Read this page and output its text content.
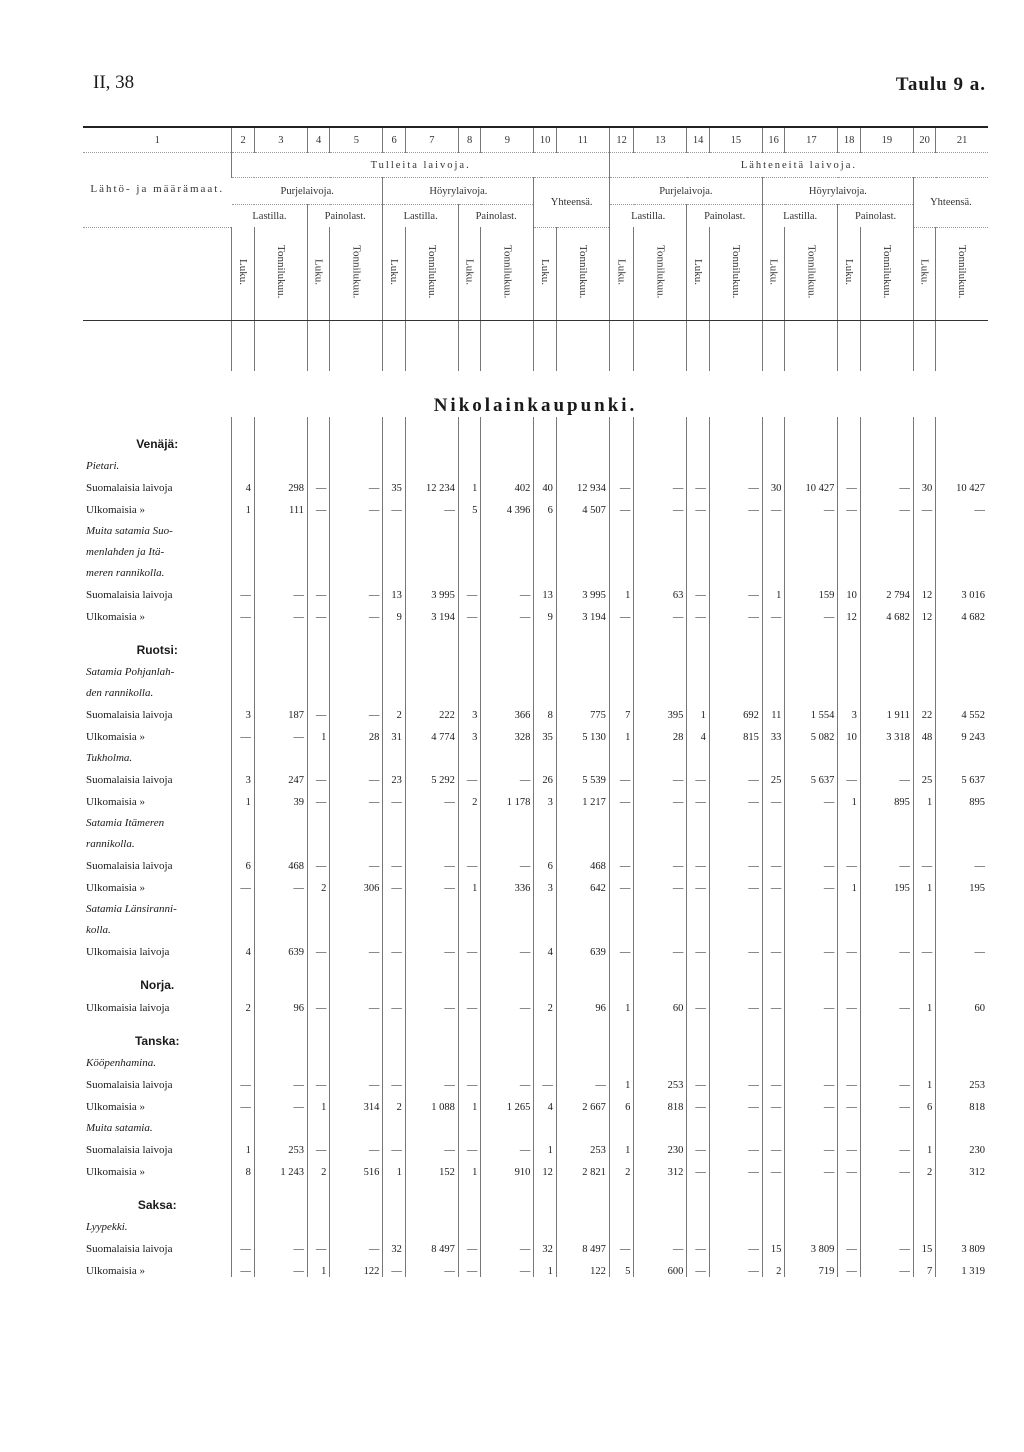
II, 38	Taulu 9 a.
1	2	3	4	5	6	7	8	9	10	11	12	13	14	15	16	17	18	19	20	21
Lähtö- ja määrämaat.	Tulleita laivoja.										Lähteneitä laivoja.									
	Purjelaivoja.				Höyrylaivoja.				Yhteensä.		Purjelaivoja.				Höyrylaivoja.				Yhteensä.	
	Lastilla.		Painolast.		Lastilla.		Painolast.				Lastilla.		Painolast.		Lastilla.		Painolast.			
	Luku.	Tonnilukuu.	Luku.	Tonnilukuu.	Luku.	Tonnilukuu.	Luku.	Tonnilukuu.	Luku.	Tonnilukuu.	Luku.	Tonnilukuu.	Luku.	Tonnilukuu.	Luku.	Tonnilukuu.	Luku.	Tonnilukuu.	Luku.	Tonnilukuu.

Nikolainkaupunki.																				
Venäjä:																				
Pietari.																				
Suomalaisia laivoja	4	298	—	—	35	12 234	1	402	40	12 934	—	—	—	—	30	10 427	—	—	30	10 427
Ulkomaisia »	1	111	—	—	—	—	5	4 396	6	4 507	—	—	—	—	—	—	—	—	—	—
Muita satamia Suo-																				
menlahden ja Itä-																				
meren rannikolla.																				
Suomalaisia laivoja	—	—	—	—	13	3 995	—	—	13	3 995	1	63	—	—	1	159	10	2 794	12	3 016
Ulkomaisia »	—	—	—	—	9	3 194	—	—	9	3 194	—	—	—	—	—	—	12	4 682	12	4 682
Ruotsi:																				
Satamia Pohjanlah-																				
den rannikolla.																				
Suomalaisia laivoja	3	187	—	—	2	222	3	366	8	775	7	395	1	692	11	1 554	3	1 911	22	4 552
Ulkomaisia »	—	—	1	28	31	4 774	3	328	35	5 130	1	28	4	815	33	5 082	10	3 318	48	9 243
Tukholma.																				
Suomalaisia laivoja	3	247	—	—	23	5 292	—	—	26	5 539	—	—	—	—	25	5 637	—	—	25	5 637
Ulkomaisia »	1	39	—	—	—	—	2	1 178	3	1 217	—	—	—	—	—	—	1	895	1	895
Satamia Itämeren																				
rannikolla.																				
Suomalaisia laivoja	6	468	—	—	—	—	—	—	6	468	—	—	—	—	—	—	—	—	—	—
Ulkomaisia »	—	—	2	306	—	—	1	336	3	642	—	—	—	—	—	—	1	195	1	195
Satamia Länsiranni-																				
kolla.																				
Ulkomaisia laivoja	4	639	—	—	—	—	—	—	4	639	—	—	—	—	—	—	—	—	—	—
Norja.																				
Ulkomaisia laivoja	2	96	—	—	—	—	—	—	2	96	1	60	—	—	—	—	—	—	1	60
Tanska:																				
Kööpenhamina.																				
Suomalaisia laivoja	—	—	—	—	—	—	—	—	—	—	1	253	—	—	—	—	—	—	1	253
Ulkomaisia »	—	—	1	314	2	1 088	1	1 265	4	2 667	6	818	—	—	—	—	—	—	6	818
Muita satamia.																				
Suomalaisia laivoja	1	253	—	—	—	—	—	—	1	253	1	230	—	—	—	—	—	—	1	230
Ulkomaisia »	8	1 243	2	516	1	152	1	910	12	2 821	2	312	—	—	—	—	—	—	2	312
Saksa:																				
Lyypekki.																				
Suomalaisia laivoja	—	—	—	—	32	8 497	—	—	32	8 497	—	—	—	—	15	3 809	—	—	15	3 809
Ulkomaisia »	—	—	1	122	—	—	—	—	1	122	5	600	—	—	2	719	—	—	7	1 319
